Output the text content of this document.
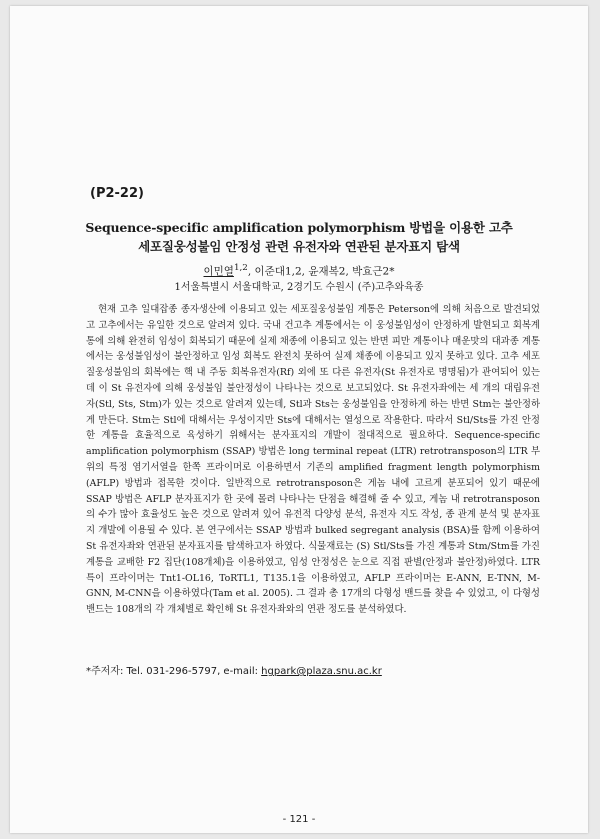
(P2-22)
Sequence-specific amplification polymorphism 방법을 이용한 고추
세포질웅성불임 안정성 관련 유전자와 연관된 분자표지 탐색
이민열$^{1,2}$, 이준대1,2, 윤재복2, 박효근2*
1서울특별시 서울대학교, 2경기도 수원시 (주)고추와육종

현재 고추 일대잡종 종자생산에 이용되고 있는 세포질웅성불임 계통은 Peterson에 의해 처음으로 발견되었고 고추에서는 유일한 것으로 알려져 있다. 국내 건고추 계통에서는 이 웅성불임성이 안정하게 발현되고 회복계통에 의해 완전히 임성이 회복되기 때문에 실제 채종에 이용되고 있는 반면 피만 계통이나 매운맛의 대과종 계통에서는 웅성불임성이 불안정하고 임성 회복도 완전치 못하여 실제 채종에 이용되고 있지 못하고 있다. 고추 세포질웅성불임의 회복에는 핵 내 주동 회복유전자(Rf) 외에 또 다른 유전자(St 유전자로 명명됨)가 관여되어 있는데 이 St 유전자에 의해 웅성불임 불안정성이 나타나는 것으로 보고되었다. St 유전자좌에는 세 개의 대립유전자(Stl, Sts, Stm)가 있는 것으로 알려져 있는데, Stl과 Sts는 웅성불임을 안정하게 하는 반면 Stm는 불안정하게 만든다. Stm는 Stl에 대해서는 우성이지만 Sts에 대해서는 열성으로 작용한다. 따라서 Stl/Sts를 가진 안정한 계통을 효율적으로 육성하기 위해서는 분자표지의 개발이 절대적으로 필요하다. Sequence-specific amplification polymorphism (SSAP) 방법은 long terminal repeat (LTR) retrotransposon의 LTR 부위의 특정 염기서열을 한쪽 프라이머로 이용하면서 기존의 amplified fragment length polymorphism (AFLP) 방법과 접목한 것이다. 일반적으로 retrotransposon은 게놈 내에 고르게 분포되어 있기 때문에 SSAP 방법은 AFLP 분자표지가 한 곳에 몰려 나타나는 단점을 해결해 줄 수 있고, 게놈 내 retrotransposon의 수가 많아 효율성도 높은 것으로 알려져 있어 유전적 다양성 분석, 유전자 지도 작성, 종 관계 분석 및 분자표지 개발에 이용될 수 있다. 본 연구에서는 SSAP 방법과 bulked segregant analysis (BSA)를 함께 이용하여 St 유전자좌와 연관된 분자표지를 탐색하고자 하였다. 식물재료는 (S) Stl/Sts를 가진 계통과 Stm/Stm를 가진 계통을 교배한 F2 집단(108개체)을 이용하였고, 임성 안정성은 눈으로 직접 판별(안정과 불안정)하였다. LTR 특이 프라이머는 Tnt1-OL16, ToRTL1, T135.1을 이용하였고, AFLP 프라이머는 E-ANN, E-TNN, M-GNN, M-CNN을 이용하였다(Tam et al. 2005). 그 결과 총 17개의 다형성 밴드를 찾을 수 있었고, 이 다형성 밴드는 108개의 각 개체별로 확인해 St 유전자좌와의 연관 정도를 분석하였다.

*주저자: Tel. 031-296-5797, e-mail: hgpark@plaza.snu.ac.kr
- 121 -
